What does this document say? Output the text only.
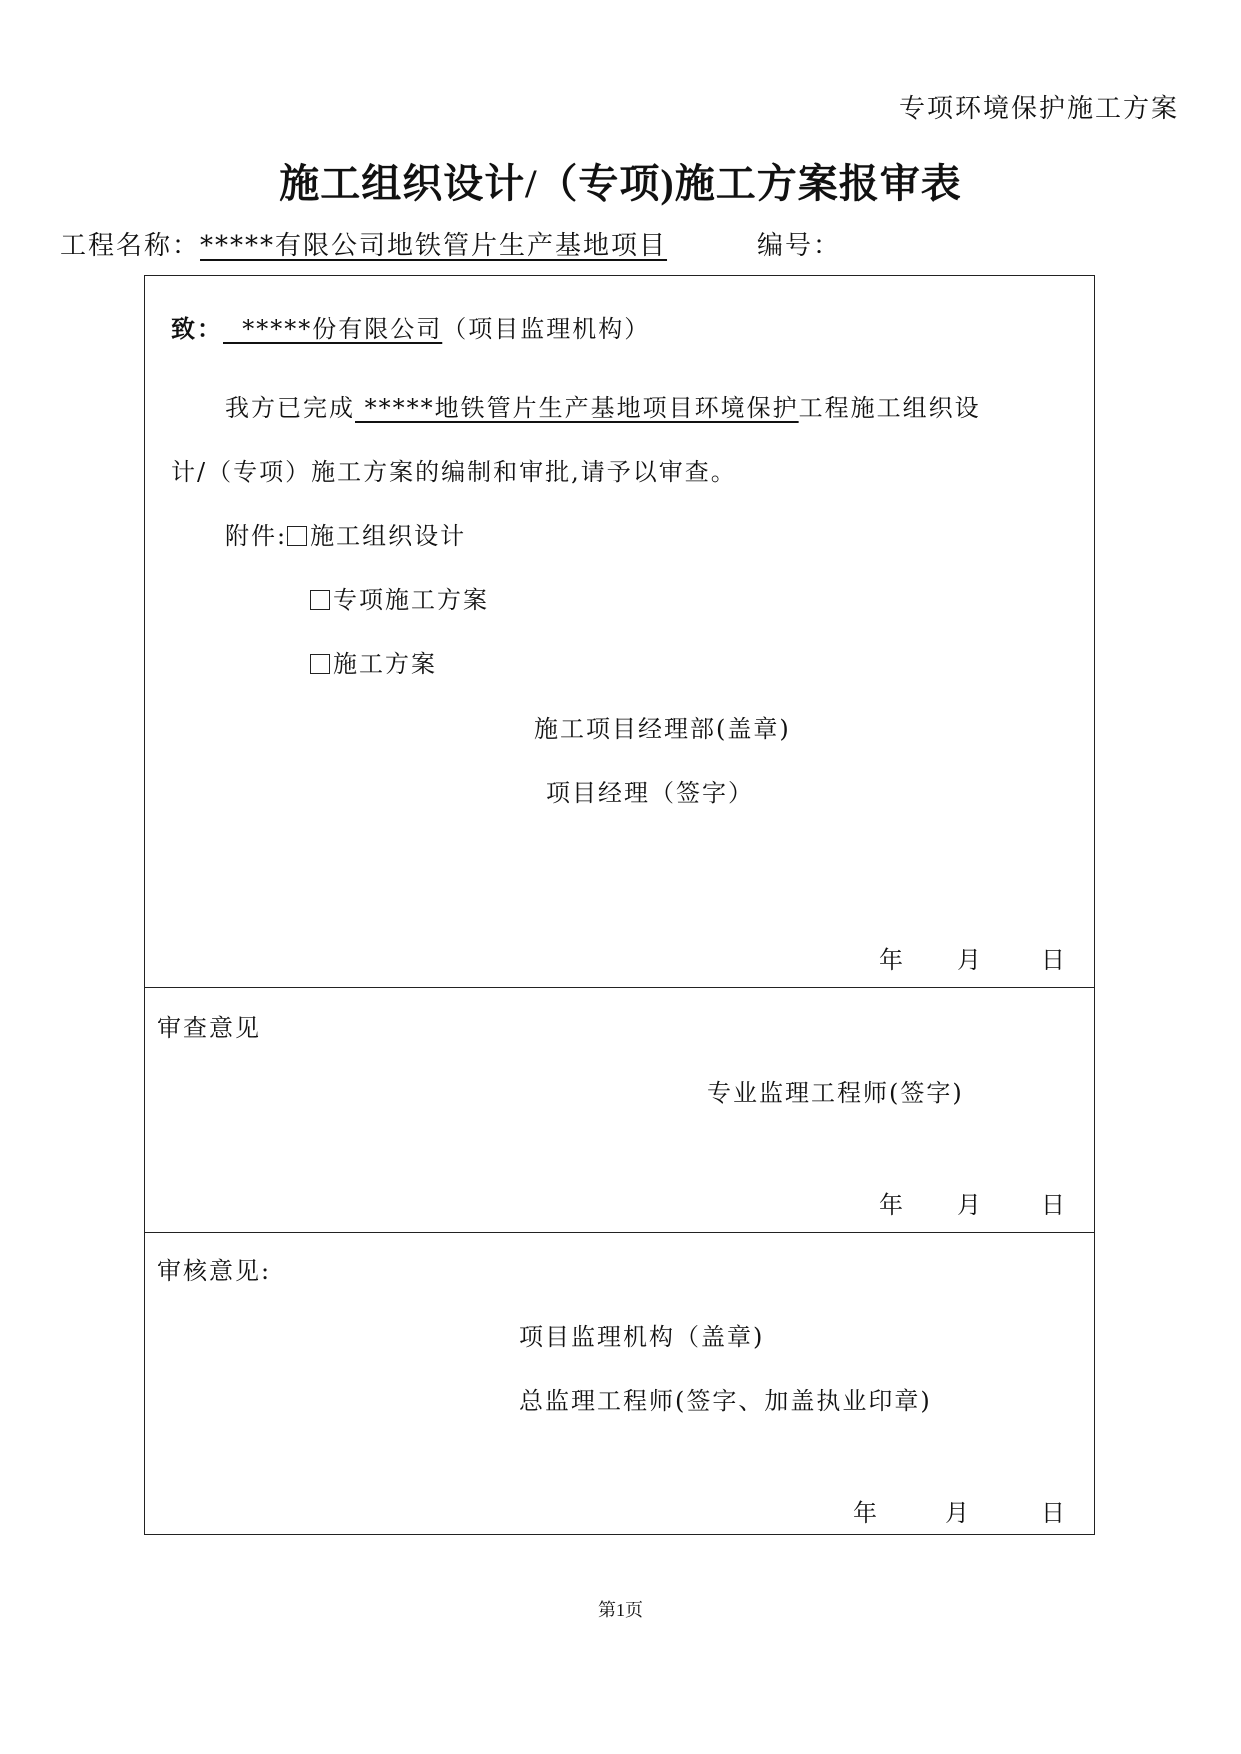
专项环境保护施工方案
施工组织设计/（专项)施工方案报审表
工程名称：*****有限公司地铁管片生产基地项目	编号：
致：  *****份有限公司（项目监理机构）
我方已完成 *****地铁管片生产基地项目环境保护工程施工组织设
计/（专项）施工方案的编制和审批,请予以审查。
附件: 施工组织设计
专项施工方案
施工方案
施工项目经理部(盖章)
项目经理（签字）
年 月	日
审查意见
专业监理工程师(签字)
年 月	日
审核意见:
项目监理机构（盖章)
总监理工程师(签字、加盖执业印章)
年	月	日
第1页
